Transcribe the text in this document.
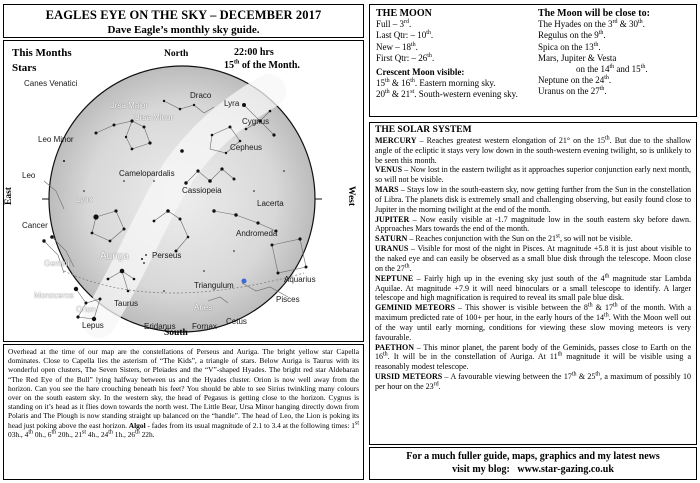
EAGLES EYE ON THE SKY – DECEMBER 2017
Dave Eagle’s monthly sky guide.
This Months
Stars
22:00 hrs
15th of the Month.
North
South
East	West
Canes Venatici
Ursa Major
Ursa Minor
Draco
Lyra
Leo Minor
Cygnus
Cepheus
Camelopardalis
Cassiopeia
Lacerta
Lynx
Cancer
Andromeda
Gemini
Auriga	Perseus
Triangulum
Aquarius
Pisces
Aries
Monoceros
Orion
Taurus
Cetus
Lepus	Eridanus Fornax
Leo
Overhead at the time of our map are the constellations of Perseus and Auriga. The bright yellow star Capella dominates. Close to Capella lies the asterism of “The Kids”, a triangle of stars. Below Auriga is Taurus with its wonderful open clusters, The Seven Sisters, or Pleiades and the “V”-shaped Hyades. The bright red star Aldebaran “The Red Eye of the Bull” lying halfway between us and the Hyades cluster. Orion is now well away from the horizon. Can you see the hare crouching beneath his feet? You should be able to see Sirius twinkling many colours over on the south eastern sky. In the western sky, the head of Pegasus is getting close to the horizon. Cygnus is standing on it’s head as it flies down towards the north west. The Little Bear, Ursa Minor hanging directly down from Polaris and The Plough is now standing straight up balanced on the “handle”. The head of Leo, the Lion is poking its head just poking above the east horizon. Algol - fades from its usual magnitude of 2.1 to 3.4 at the following times: 1st 03h., 4th 0h., 6th 20h., 21st 4h., 24th 1h., 26th 22h.
THE MOON
Full – 3rd.
Last Qtr: – 10th.
New – 18th.
First Qtr: – 26th.
Crescent Moon visible:
15th & 16th. Eastern morning sky.
20th & 21st. South-western evening sky.
The Moon will be close to:
The Hyades on the 3rd & 30th.
Regulus on the 9th.
Spica on the 13th.
Mars, Jupiter & Vesta
on the 14th and 15th.
Neptune on the 24th.
Uranus on the 27th.
THE SOLAR SYSTEM

MERCURY – Reaches greatest western elongation of 21° on the 15th. But due to the shallow angle of the ecliptic it stays very low down in the south-western evening twilight, so is unlikely to be seen this month.

VENUS – Now lost in the eastern twilight as it approaches superior conjunction early next month, so will not be visible.

MARS – Stays low in the south-eastern sky, now getting further from the Sun in the constellation of Libra. The planets disk is extremely small and challenging observing, but easily found close to Jupiter in the morning twilight at the end of the month.

JUPITER – Now easily visible at -1.7 magnitude low in the south eastern sky before dawn. Approaches Mars towards the end of the month.

SATURN – Reaches conjunction with the Sun on the 21st, so will not be visible.

URANUS – Visible for most of the night in Pisces. At magnitude +5.8 it is just about visible to the naked eye and can easily be observed as a small blue disk through the telescope. Moon close on the 27th.

NEPTUNE – Fairly high up in the evening sky just south of the 4th magnitude star Lambda Aquilae. At magnitude +7.9 it will need binoculars or a small telescope to identify. A larger telescope and high magnification is required to reveal its small pale blue disk.

GEMINID METEORS – This shower is visible between the 8th & 17th of the month. With a maximum predicted rate of 100+ per hour, in the early hours of the 14th. With the Moon well out of the way until early morning, conditions for viewing these slow moving meteors is very favourable.

PAETHON – This minor planet, the parent body of the Geminids, passes close to Earth on the 16th. It will be in the constellation of Auriga. At 11th magnitude it will be visible using a reasonably modest telescope.

URSID METEORS – A favourable viewing between the 17th & 25th, a maximum of possibly 10 per hour on the 23rd.

For a much fuller guide, maps, graphics and my latest news
visit my blog: www.star-gazing.co.uk
